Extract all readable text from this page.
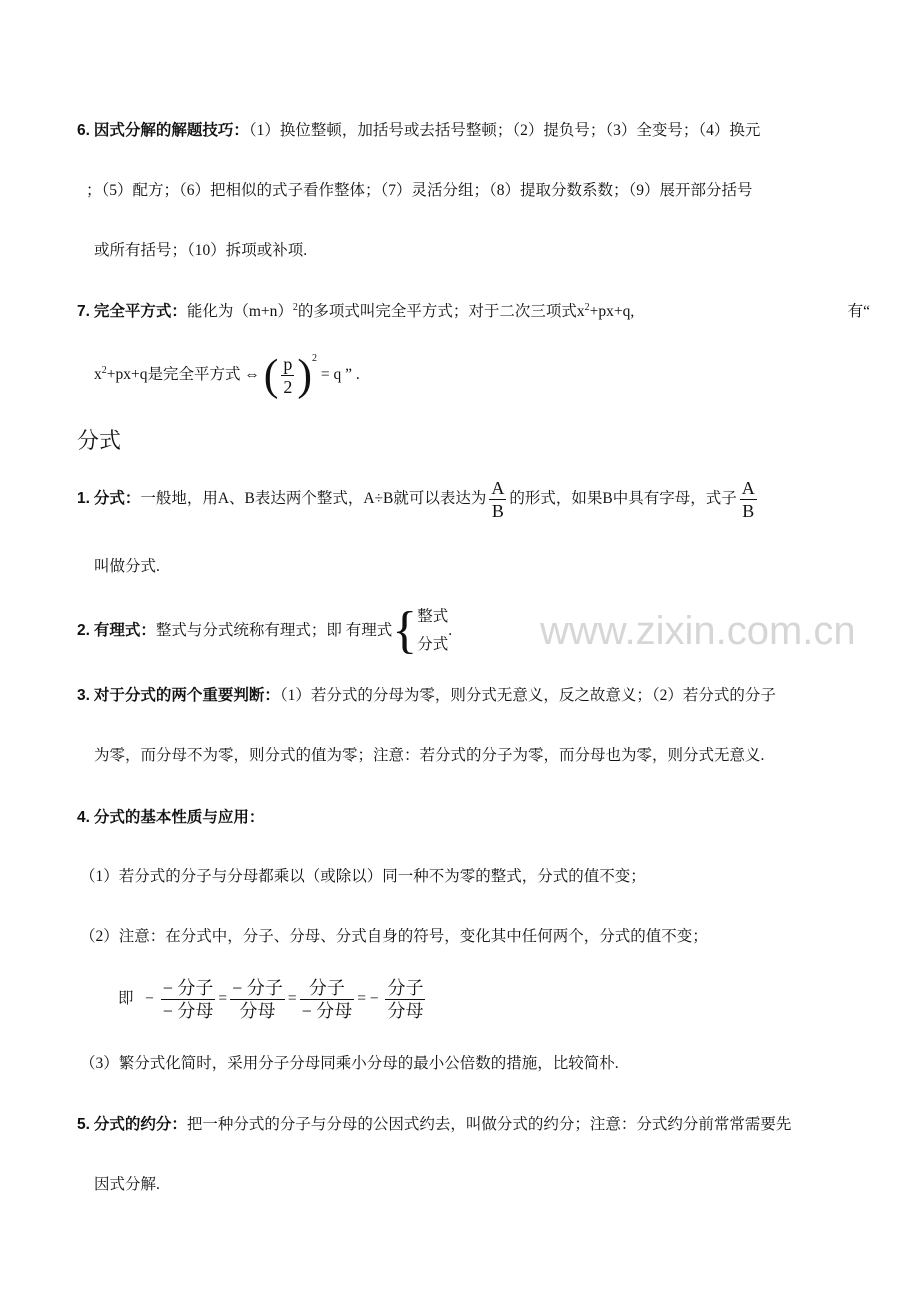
www.zixin.com.cn
6. 因式分解的解题技巧：（1）换位整顿，加括号或去括号整顿；（2）提负号；（3）全变号；（4）换元
；（5）配方；（6）把相似的式子看作整体；（7）灵活分组；（8）提取分数系数；（9）展开部分括号
或所有括号；（10）拆项或补项.
7. 完全平方式：能化为$(m+n)^2$的多项式叫完全平方式；对于二次三项式$x^2+px+q$,	有“
$x^2+px+q$是完全平方式 ⇔ ( $\frac{p}{2} )^2 = q$ ” .
分式
1. 分式：一般地，用A、B表达两个整式，A÷B就可以表达为 $\frac{A}{B}$ 的形式，如果B中具有字母，式子 $\frac{A}{B}$
叫做分式.
2. 有理式：整式与分式统称有理式；即 有理式{ 整式
分式
.
3. 对于分式的两个重要判断：（1）若分式的分母为零，则分式无意义，反之故意义；（2）若分式的分子
为零，而分母不为零，则分式的值为零；注意：若分式的分子为零，而分母也为零，则分式无意义.
4. 分式的基本性质与应用：
（1）若分式的分子与分母都乘以（或除以）同一种不为零的整式，分式的值不变；
（2）注意：在分式中，分子、分母、分式自身的符号，变化其中任何两个，分式的值不变；
即   − $\frac{\text{− 分子}}{\text{− 分母}} = \frac{\text{− 分子}}{\text{分母}} = \frac{\text{分子}}{\text{− 分母}}$ = − $\frac{\text{分子}}{\text{分母}}$
（3）繁分式化简时，采用分子分母同乘小分母的最小公倍数的措施，比较简朴.
5. 分式的约分：把一种分式的分子与分母的公因式约去，叫做分式的约分；注意：分式约分前常常需要先
因式分解.
